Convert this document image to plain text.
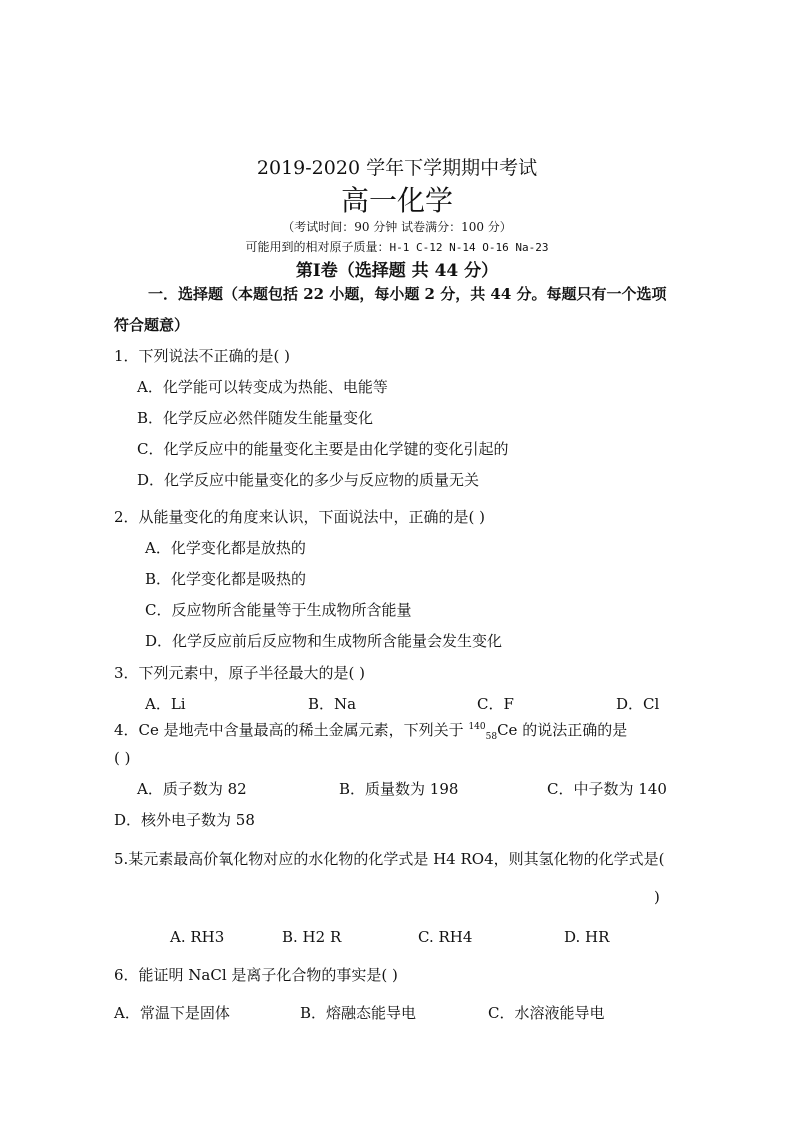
2019-2020 学年下学期期中考试
高一化学
（考试时间：90 分钟 试卷满分：100 分）
可能用到的相对原子质量：H-1 C-12 N-14 O-16 Na-23
第Ⅰ卷（选择题 共 44 分）
一．选择题（本题包括 22 小题，每小题 2 分，共 44 分。每题只有一个选项
符合题意）
1．下列说法不正确的是( )
A．化学能可以转变成为热能、电能等
B．化学反应必然伴随发生能量变化
C．化学反应中的能量变化主要是由化学键的变化引起的
D．化学反应中能量变化的多少与反应物的质量无关
2．从能量变化的角度来认识，下面说法中，正确的是( )
A．化学变化都是放热的
B．化学变化都是吸热的
C．反应物所含能量等于生成物所含能量
D．化学反应前后反应物和生成物所含能量会发生变化
3．下列元素中，原子半径最大的是( )
A．Li	B．Na	C．F	D．Cl
4．Ce 是地壳中含量最高的稀土金属元素，下列关于 $^{140}_{58}$Ce 的说法正确的是
( )
A．质子数为 82	B．质量数为 198	C．中子数为 140
D．核外电子数为 58
5.某元素最高价氧化物对应的水化物的化学式是 H4 RO4，则其氢化物的化学式是(
)
A. RH3	B. H2 R	C. RH4	D. HR
6．能证明 NaCl 是离子化合物的事实是( )
A．常温下是固体	B．熔融态能导电	C．水溶液能导电
